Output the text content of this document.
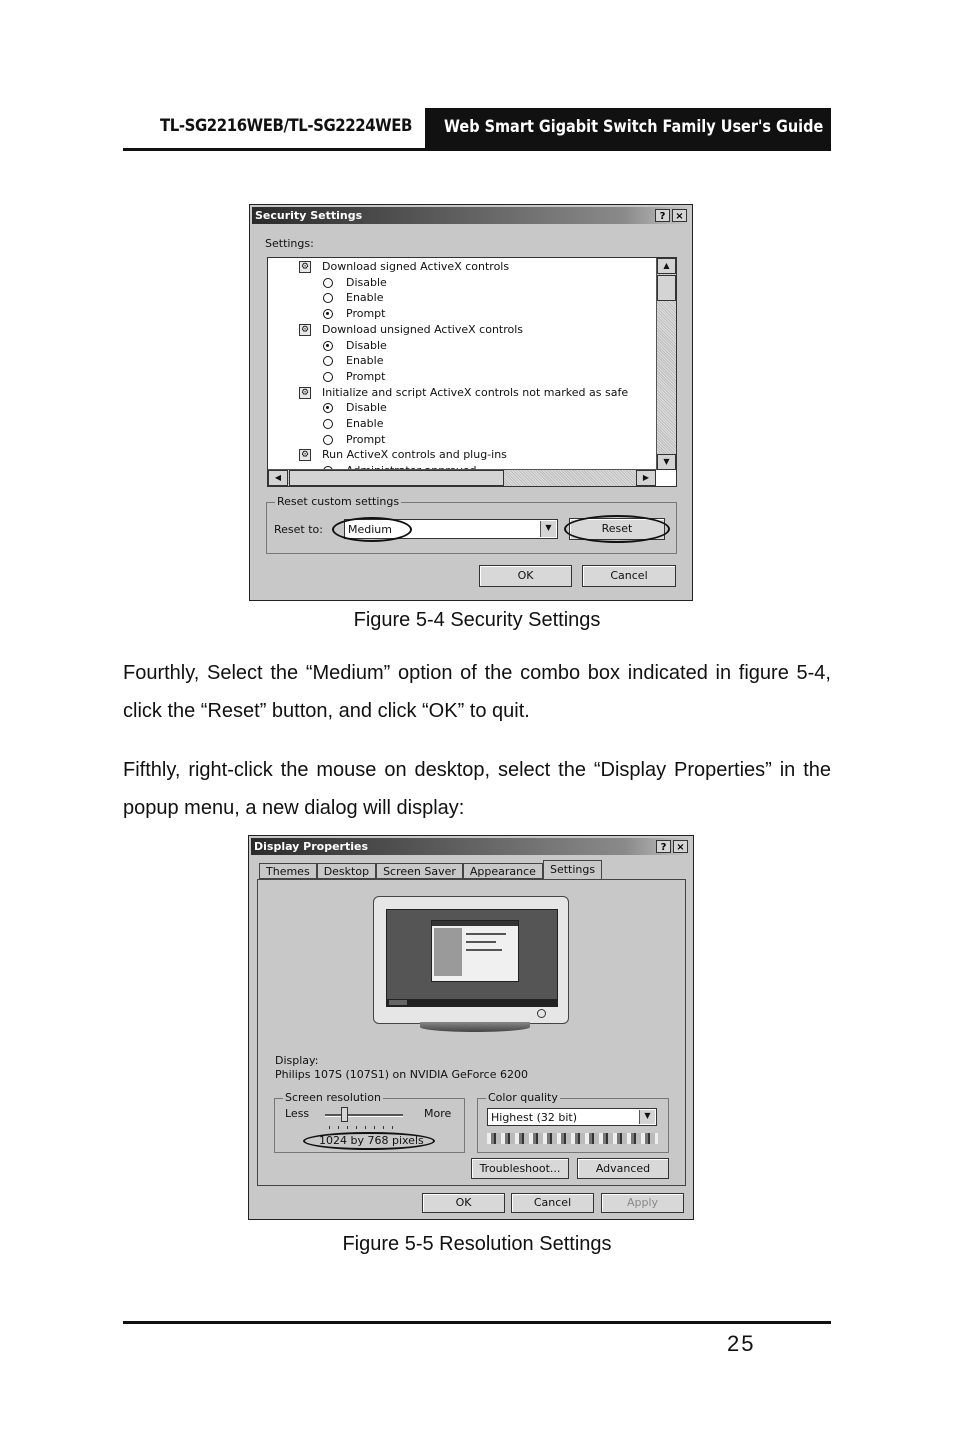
TL-SG2216WEB/TL-SG2224WEB Web Smart Gigabit Switch Family User's Guide
Security Settings	? ×
Settings:
⚙ Download signed ActiveX controls
Disable
Enable
Prompt
⚙ Download unsigned ActiveX controls
Disable
Enable
Prompt
⚙ Initialize and script ActiveX controls not marked as safe
Disable
Enable
Prompt
⚙ Run ActiveX controls and plug-ins
▲
▼
◀	▶
Reset custom settings
Reset to: Medium	▼	Reset
OK	Cancel
Figure 5-4 Security Settings
Fourthly, Select the “Medium” option of the combo box indicated in figure 5-4, click the “Reset” button, and click “OK” to quit.
Fifthly, right-click the mouse on desktop, select the “Display Properties” in the popup menu, a new dialog will display:
Display Properties	? ×
Themes	Desktop	Screen Saver	Appearance	Settings
Display:
Philips 107S (107S1) on NVIDIA GeForce 6200
Screen resolution
Less	More
1024 by 768 pixels
Color quality
Highest (32 bit)	▼
Troubleshoot...	Advanced
OK	Cancel	Apply
Figure 5-5 Resolution Settings
25
